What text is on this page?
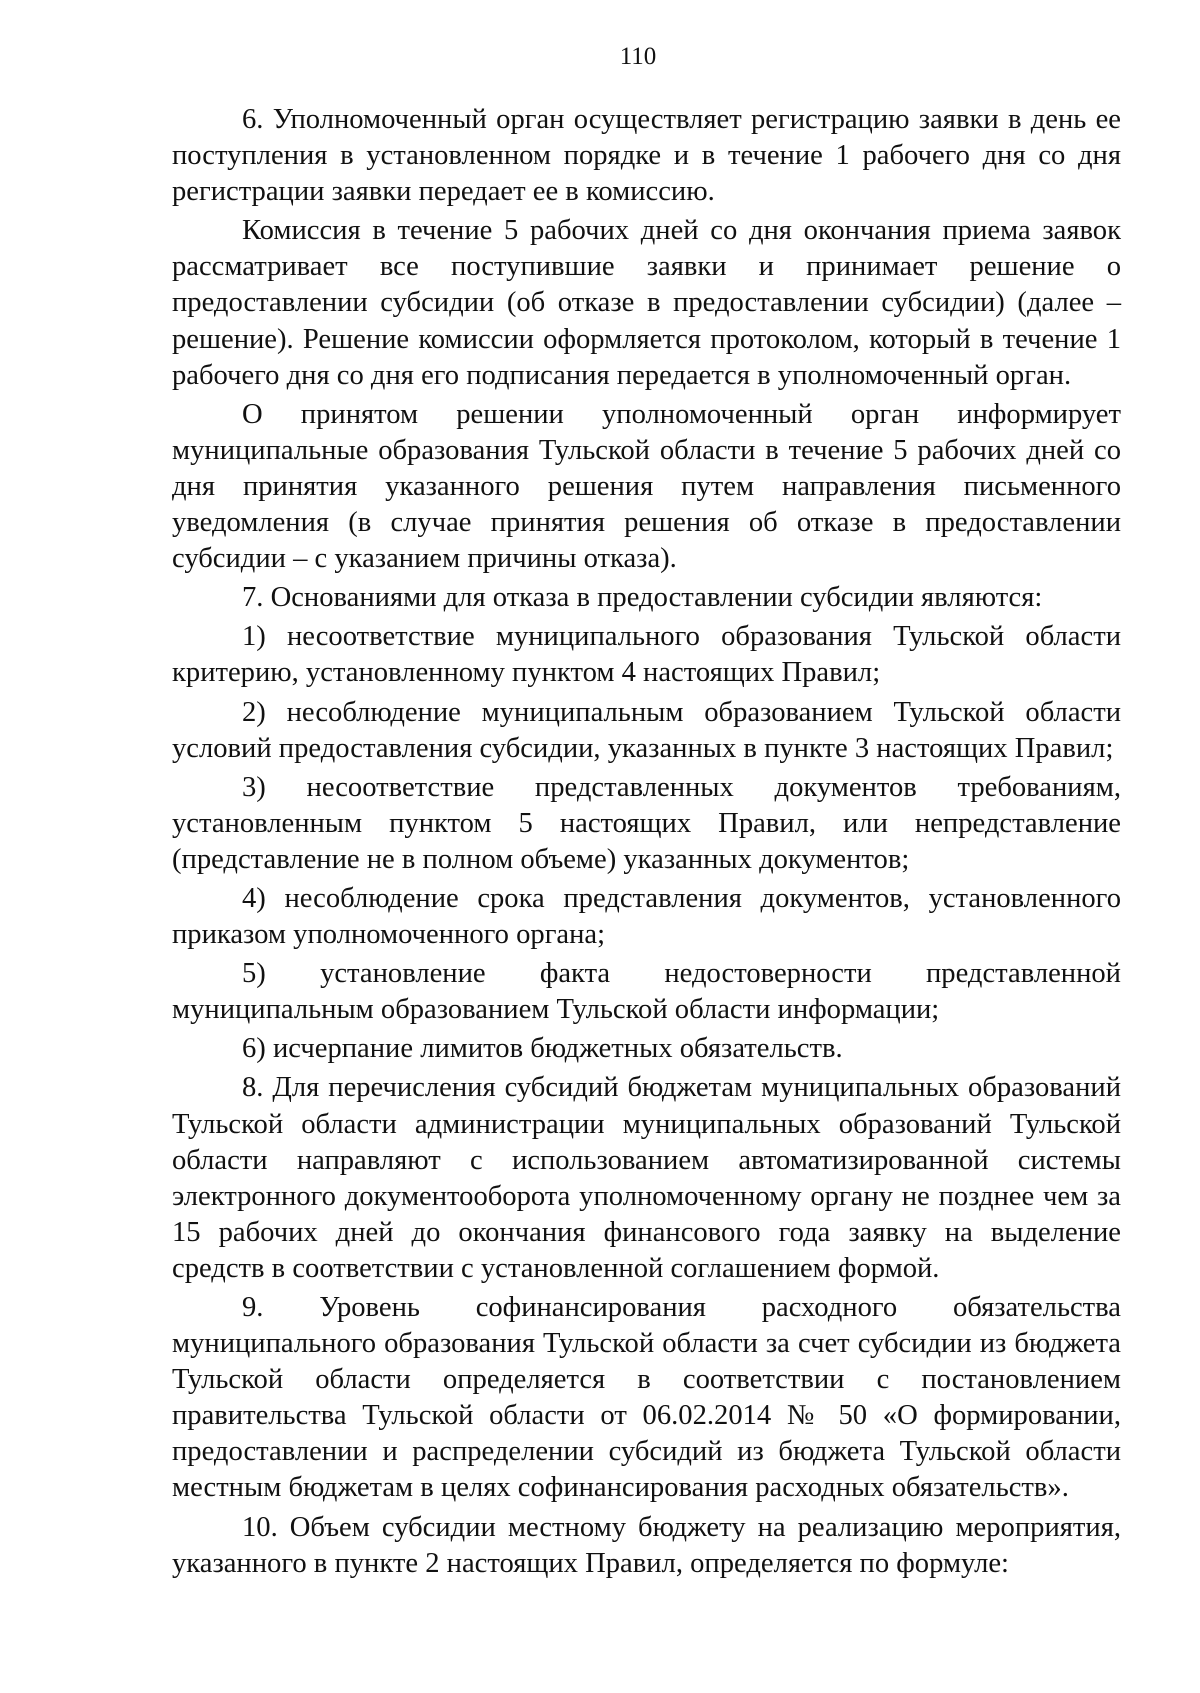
110

6. Уполномоченный орган осуществляет регистрацию заявки в день ее поступления в установленном порядке и в течение 1 рабочего дня со дня регистрации заявки передает ее в комиссию.

Комиссия в течение 5 рабочих дней со дня окончания приема заявок рассматривает все поступившие заявки и принимает решение о предоставлении субсидии (об отказе в предоставлении субсидии) (далее – решение). Решение комиссии оформляется протоколом, который в течение 1 рабочего дня со дня его подписания передается в уполномоченный орган.

О принятом решении уполномоченный орган информирует муниципальные образования Тульской области в течение 5 рабочих дней со дня принятия указанного решения путем направления письменного уведомления (в случае принятия решения об отказе в предоставлении субсидии – с указанием причины отказа).

7. Основаниями для отказа в предоставлении субсидии являются:

1) несоответствие муниципального образования Тульской области критерию, установленному пунктом 4 настоящих Правил;

2) несоблюдение муниципальным образованием Тульской области условий предоставления субсидии, указанных в пункте 3 настоящих Правил;

3) несоответствие представленных документов требованиям, установленным пунктом 5 настоящих Правил, или непредставление (представление не в полном объеме) указанных документов;

4) несоблюдение срока представления документов, установленного приказом уполномоченного органа;

5) установление факта недостоверности представленной муниципальным образованием Тульской области информации;

6) исчерпание лимитов бюджетных обязательств.

8. Для перечисления субсидий бюджетам муниципальных образований Тульской области администрации муниципальных образований Тульской области направляют с использованием автоматизированной системы электронного документооборота уполномоченному органу не позднее чем за 15 рабочих дней до окончания финансового года заявку на выделение средств в соответствии с установленной соглашением формой.

9. Уровень софинансирования расходного обязательства муниципального образования Тульской области за счет субсидии из бюджета Тульской области определяется в соответствии с постановлением правительства Тульской области от 06.02.2014 № 50 «О формировании, предоставлении и распределении субсидий из бюджета Тульской области местным бюджетам в целях софинансирования расходных обязательств».

10. Объем субсидии местному бюджету на реализацию мероприятия, указанного в пункте 2 настоящих Правил, определяется по формуле:
